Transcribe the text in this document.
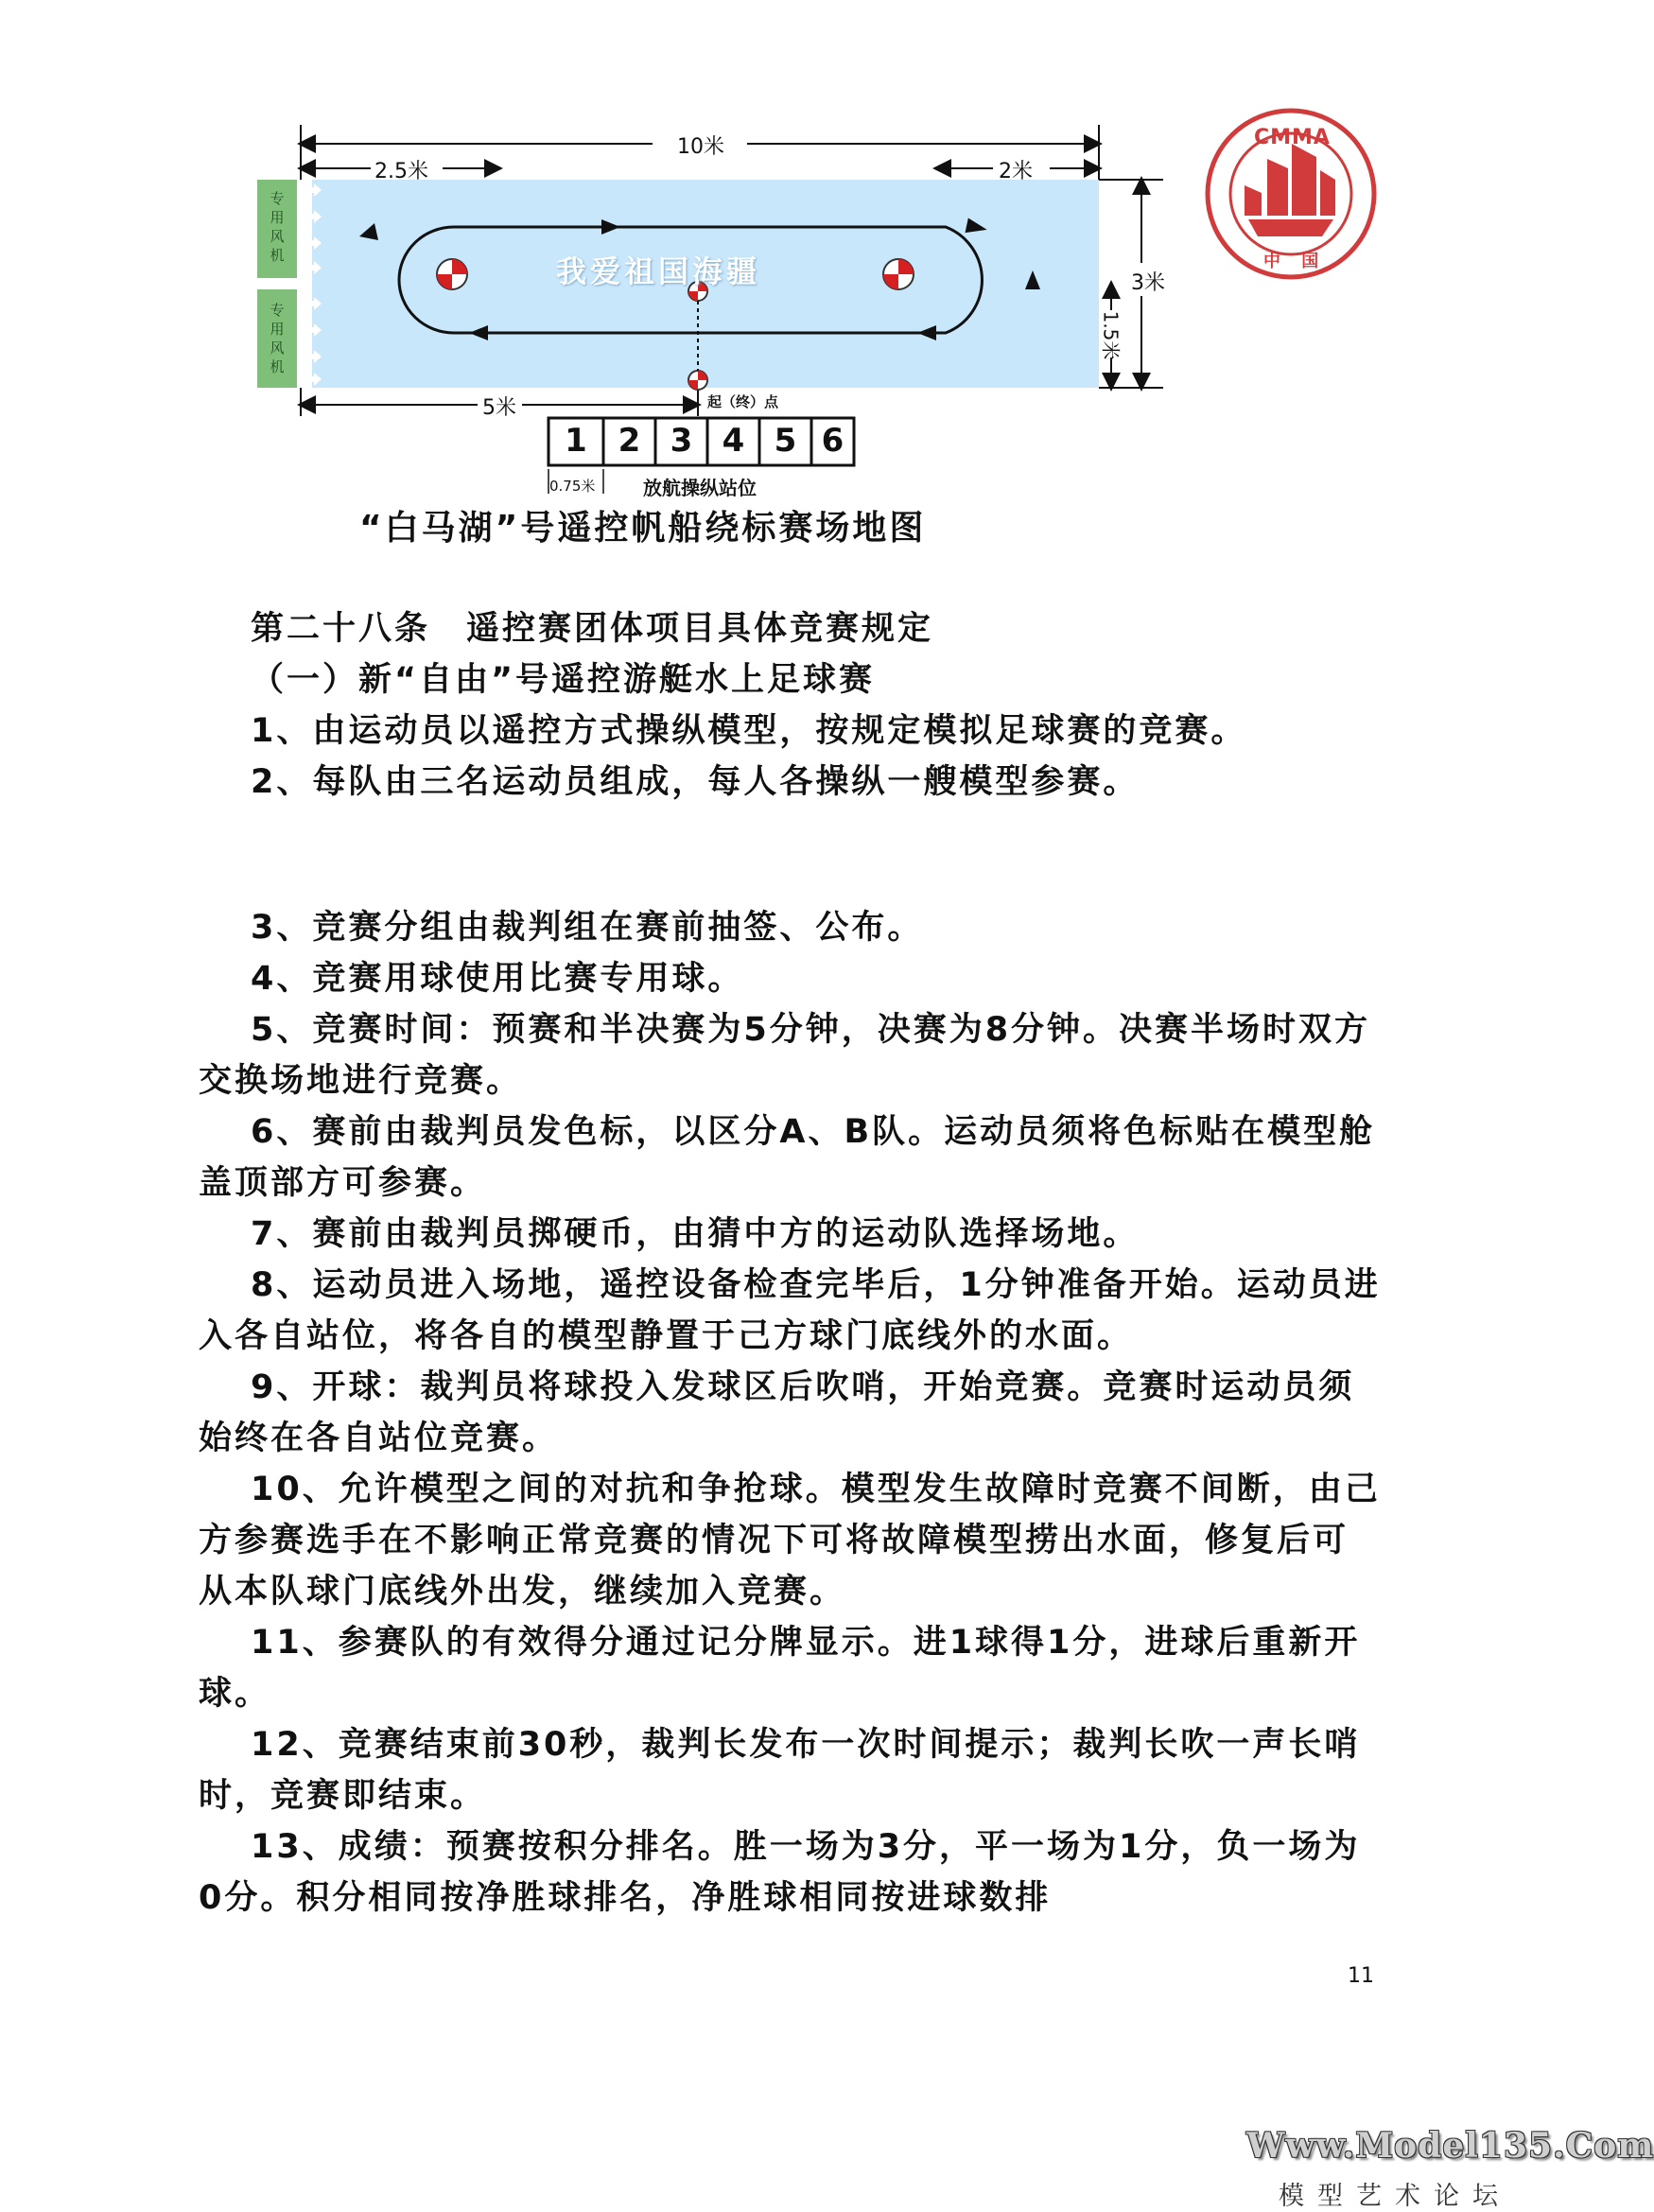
10米
2.5米	2米
5米
3米
1.5米
专
用
风
机
专
用
风
机
我爱祖国海疆
起（终）点
1 2 3 4 5 6
0.75米	放航操纵站位
CMMA
中 国
“白马湖”号遥控帆船绕标赛场地图

第二十八条　遥控赛团体项目具体竞赛规定

（一）新“自由”号遥控游艇水上足球赛

1、由运动员以遥控方式操纵模型，按规定模拟足球赛的竞赛。

2、每队由三名运动员组成，每人各操纵一艘模型参赛。

3、竞赛分组由裁判组在赛前抽签、公布。

4、竞赛用球使用比赛专用球。

5、竞赛时间：预赛和半决赛为5分钟，决赛为8分钟。决赛半场时双方交换场地进行竞赛。

6、赛前由裁判员发色标，以区分A、B队。运动员须将色标贴在模型舱盖顶部方可参赛。

7、赛前由裁判员掷硬币，由猜中方的运动队选择场地。

8、运动员进入场地，遥控设备检查完毕后，1分钟准备开始。运动员进入各自站位，将各自的模型静置于己方球门底线外的水面。

9、开球：裁判员将球投入发球区后吹哨，开始竞赛。竞赛时运动员须始终在各自站位竞赛。

10、允许模型之间的对抗和争抢球。模型发生故障时竞赛不间断，由己方参赛选手在不影响正常竞赛的情况下可将故障模型捞出水面，修复后可从本队球门底线外出发，继续加入竞赛。

11、参赛队的有效得分通过记分牌显示。进1球得1分，进球后重新开球。

12、竞赛结束前30秒，裁判长发布一次时间提示；裁判长吹一声长哨时，竞赛即结束。

13、成绩：预赛按积分排名。胜一场为3分，平一场为1分，负一场为0分。积分相同按净胜球排名，净胜球相同按进球数排

11
Www.Model135.Com
模型艺术论坛
